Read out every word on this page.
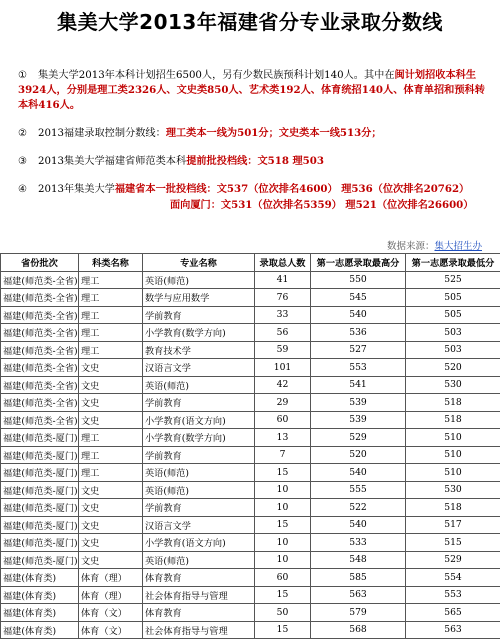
集美大学2013年福建省分专业录取分数线
① 集美大学2013年本科计划招生6500人，另有少数民族预科计划140人。其中在闽计划招收本科生3924人，分别是理工类2326人、文史类850人、艺术类192人、体育统招140人、体育单招和预科转本科416人。
② 2013福建录取控制分数线：理工类本一线为501分；文史类本一线513分；
③ 2013集美大学福建省师范类本科提前批投档线：文518 理503
④ 2013年集美大学福建省本一批投档线：文537（位次排名4600） 理536（位次排名20762）
面向厦门：文531（位次排名5359） 理521（位次排名26600）
数据来源：集大招生办
省份批次	科类名称	专业名称	录取总人数	第一志愿录取最高分	第一志愿录取最低分
福建(师范类-全省)	理工	英语(师范)	41	550	525
福建(师范类-全省)	理工	数学与应用数学	76	545	505
福建(师范类-全省)	理工	学前教育	33	540	505
福建(师范类-全省)	理工	小学教育(数学方向)	56	536	503
福建(师范类-全省)	理工	教育技术学	59	527	503
福建(师范类-全省)	文史	汉语言文学	101	553	520
福建(师范类-全省)	文史	英语(师范)	42	541	530
福建(师范类-全省)	文史	学前教育	29	539	518
福建(师范类-全省)	文史	小学教育(语文方向)	60	539	518
福建(师范类-厦门)	理工	小学教育(数学方向)	13	529	510
福建(师范类-厦门)	理工	学前教育	7	520	510
福建(师范类-厦门)	理工	英语(师范)	15	540	510
福建(师范类-厦门)	文史	英语(师范)	10	555	530
福建(师范类-厦门)	文史	学前教育	10	522	518
福建(师范类-厦门)	文史	汉语言文学	15	540	517
福建(师范类-厦门)	文史	小学教育(语文方向)	10	533	515
福建(师范类-厦门)	文史	英语(师范)	10	548	529
福建(体育类)	体育（理）	体育教育	60	585	554
福建(体育类)	体育（理）	社会体育指导与管理	15	563	553
福建(体育类)	体育（文）	体育教育	50	579	565
福建(体育类)	体育（文）	社会体育指导与管理	15	568	563
